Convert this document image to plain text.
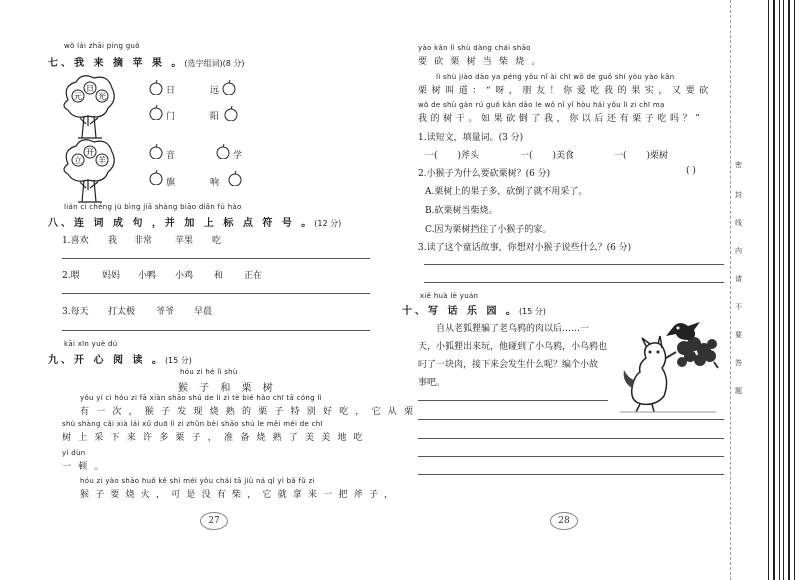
wǒ lái zhāi píng guǒ
七、我 来 摘 苹 果 。(选字组词)(8 分)
元
日
光
日	远
门	阳
立
开
羊	音	学
旗	响
lián cí chéng jù bìng jiā shàng biāo diǎn fú hào
八、连 词 成 句 ，并 加 上 标 点 符 号 。(12 分)
1.喜欢 我 非常	苹果 吃
2.喂 妈妈 小鸭 小鸡 和 正在
3.每天 打太极 爷爷 早晨
kāi xīn yuè dú
九、开 心 阅 读 。(15 分)
hóu zi hé lì shù
猴 子 和 栗 树
yǒu yí cì hóu zi fā xiàn shāo shú de lì zi tè bié hǎo chī tā cóng lì
有一次，猴子发现烧熟的栗子特别好吃，它从栗
shù shàng cǎi xià lái xǔ duō lì zi zhǔn bèi shāo shú le měi měi de chī
树上采下来许多栗子，准备烧熟了美美地吃
yí dùn
一顿。
hóu zi yào shāo huǒ kě shì méi yǒu chái tā jiù ná qǐ yì bǎ fǔ zi
猴子要烧火，可是没有柴，它就拿来一把斧子，
27
yào kǎn lì shù dàng chái shāo
要砍栗树当柴烧。
lì shù jiào dào ya péng yǒu nǐ ài chī wǒ de guǒ shí yòu yào kǎn
栗树叫道：“呀，朋友！你爱吃我的果实，又要砍
wǒ de shù gàn rú guǒ kǎn dǎo le wǒ nǐ yǐ hòu hái yǒu lì zi chī ma
我的树干。如果砍倒了我，你以后还有栗子吃吗？”
1.读短文，填量词。(3 分)
一( )斧头	一( )美食	一( )栗树
2.小猴子为什么要砍栗树？(6 分)	( )
A.栗树上的果子多，砍倒了就不用采了。
B.砍栗树当柴烧。
C.因为栗树挡住了小猴子的家。
3.读了这个童话故事，你想对小猴子说些什么？(6 分)
xiě huà lè yuán
十、写 话 乐 园 。(15 分)
自从老狐狸骗了老乌鸦的肉以后……一
天，小狐狸出来玩，他碰到了小乌鸦，小乌鸦也
叼了一块肉，接下来会发生什么呢？编个小故
事吧。
28
密
封
线
内
请
不
要
答
题
